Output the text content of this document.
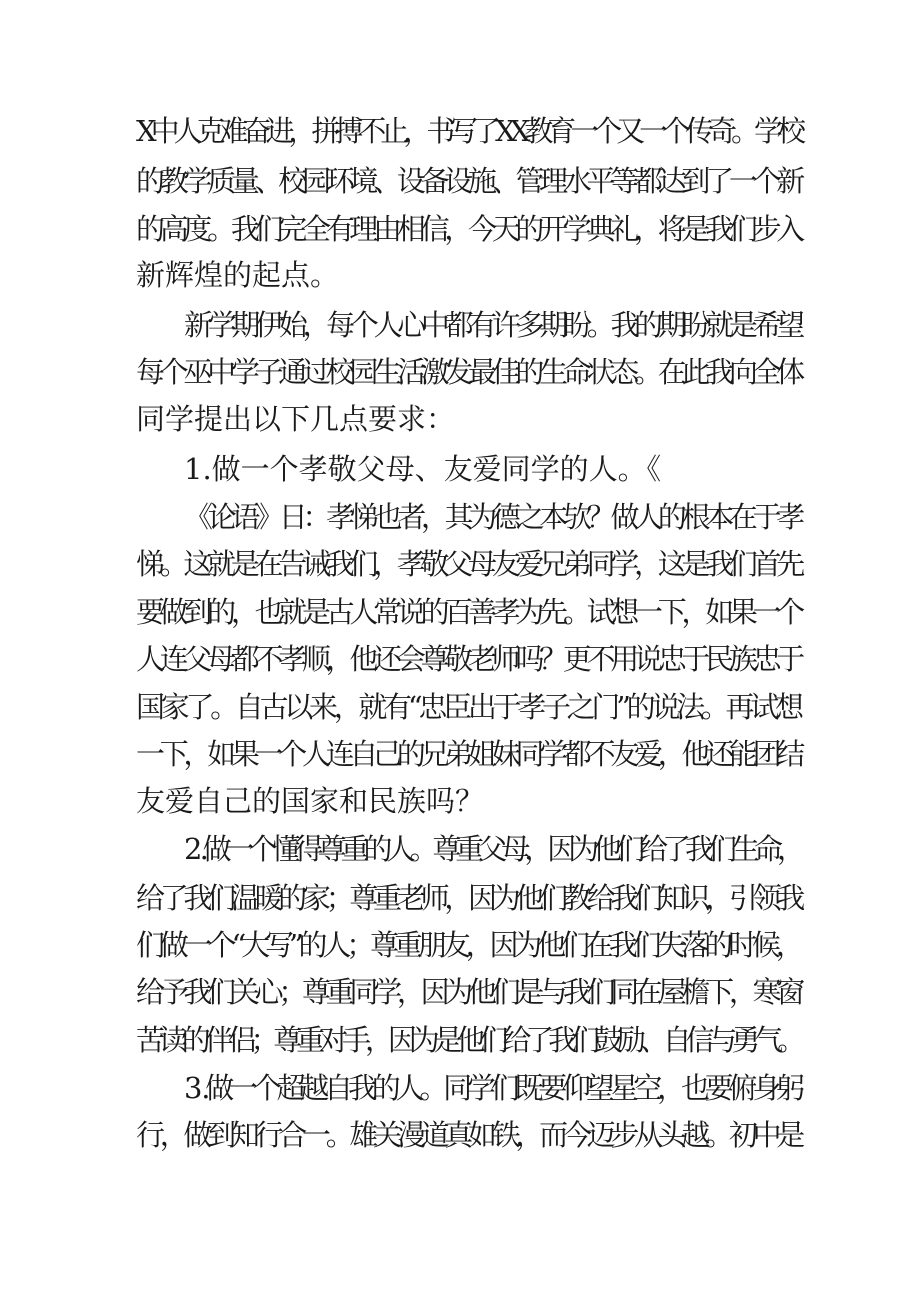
X中人克难奋进，拼搏不止，书写了XX教育一个又一个传奇。学校

的教学质量、校园环境、设备设施、管理水平等都达到了一个新

的高度。我们完全有理由相信，今天的开学典礼，将是我们步入

新辉煌的起点。

新学期伊始，每个人心中都有许多期盼。我的期盼就是希望

每个巫中学子通过校园生活激发最佳的生命状态。在此我向全体

同学提出以下几点要求：

1.做一个孝敬父母、友爱同学的人。《

《论语》日：孝悌也者，其为德之本欤？做人的根本在于孝

悌。这就是在告诫我们，孝敬父母友爱兄弟同学，这是我们首先

要做到的，也就是古人常说的百善孝为先。试想一下，如果一个

人连父母都不孝顺，他还会尊敬老师吗？更不用说忠于民族忠于

国家了。自古以来，就有“忠臣出于孝子之门”的说法。再试想

一下，如果一个人连自己的兄弟姐妹同学都不友爱，他还能团结

友爱自己的国家和民族吗？

2 .做一个懂得尊重的人。尊重父母，因为他们给了我们生命，

给了我们温暖的家；尊重老师，因为他们教给我们知识，引领我

们做一个“大写”的人；尊重朋友，因为他们在我们失落的时候，

给予我们关心；尊重同学，因为他们是与我们同在屋檐下，寒窗

苦读的伴侣；尊重对手，因为是他们给了我们鼓励、自信与勇气。

3 .做一个超越自我的人。同学们既要仰望星空，也要俯身躬

行，做到知行合一。雄关漫道真如铁，而今迈步从头越。初中是
